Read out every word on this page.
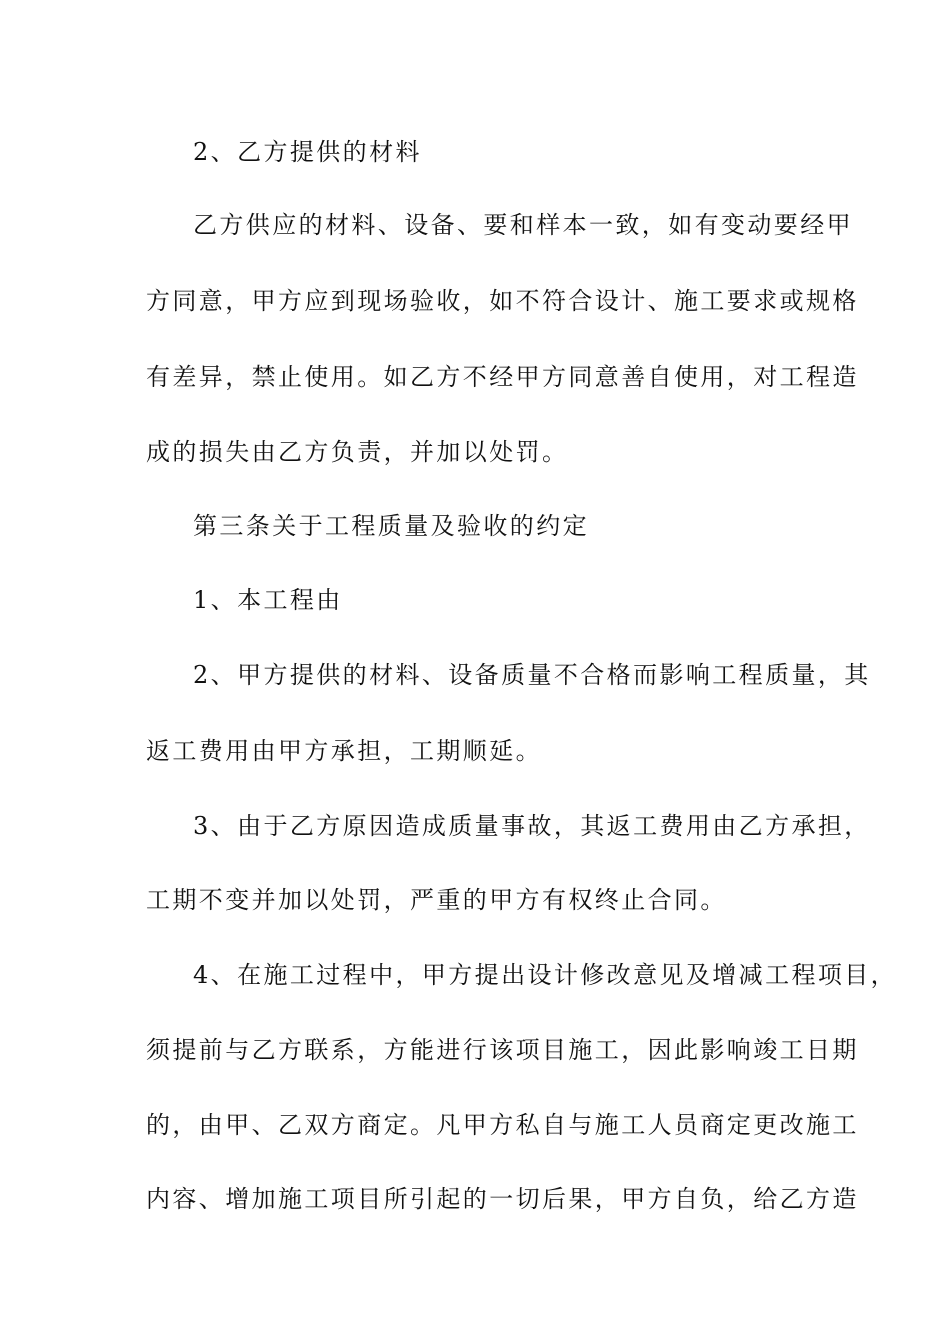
2、乙方提供的材料
乙方供应的材料、设备、要和样本一致，如有变动要经甲
方同意，甲方应到现场验收，如不符合设计、施工要求或规格
有差异，禁止使用。如乙方不经甲方同意善自使用，对工程造
成的损失由乙方负责，并加以处罚。
第三条关于工程质量及验收的约定
1、本工程由
2、甲方提供的材料、设备质量不合格而影响工程质量，其
返工费用由甲方承担，工期顺延。
3、由于乙方原因造成质量事故，其返工费用由乙方承担，
工期不变并加以处罚，严重的甲方有权终止合同。
4、在施工过程中，甲方提出设计修改意见及增减工程项目，
须提前与乙方联系，方能进行该项目施工，因此影响竣工日期
的，由甲、乙双方商定。凡甲方私自与施工人员商定更改施工
内容、增加施工项目所引起的一切后果，甲方自负，给乙方造
